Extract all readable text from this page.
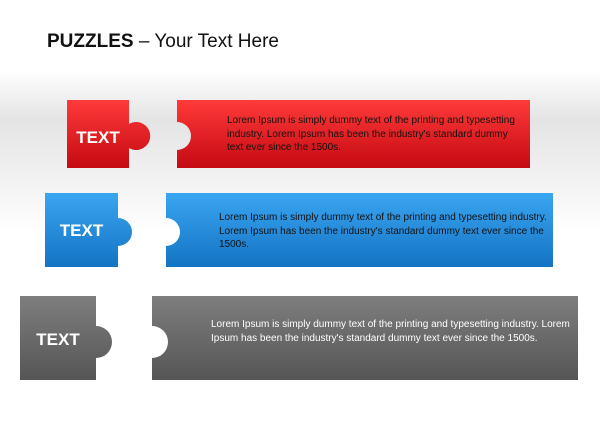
PUZZLES – Your Text Here
TEXT
Lorem Ipsum is simply dummy text of the printing and typesetting industry. Lorem Ipsum has been the industry's standard dummy text ever since the 1500s.
TEXT
Lorem Ipsum is simply dummy text of the printing and typesetting industry. Lorem Ipsum has been the industry's standard dummy text ever since the 1500s.
TEXT
Lorem Ipsum is simply dummy text of the printing and typesetting industry. Lorem Ipsum has been the industry's standard dummy text ever since the 1500s.
